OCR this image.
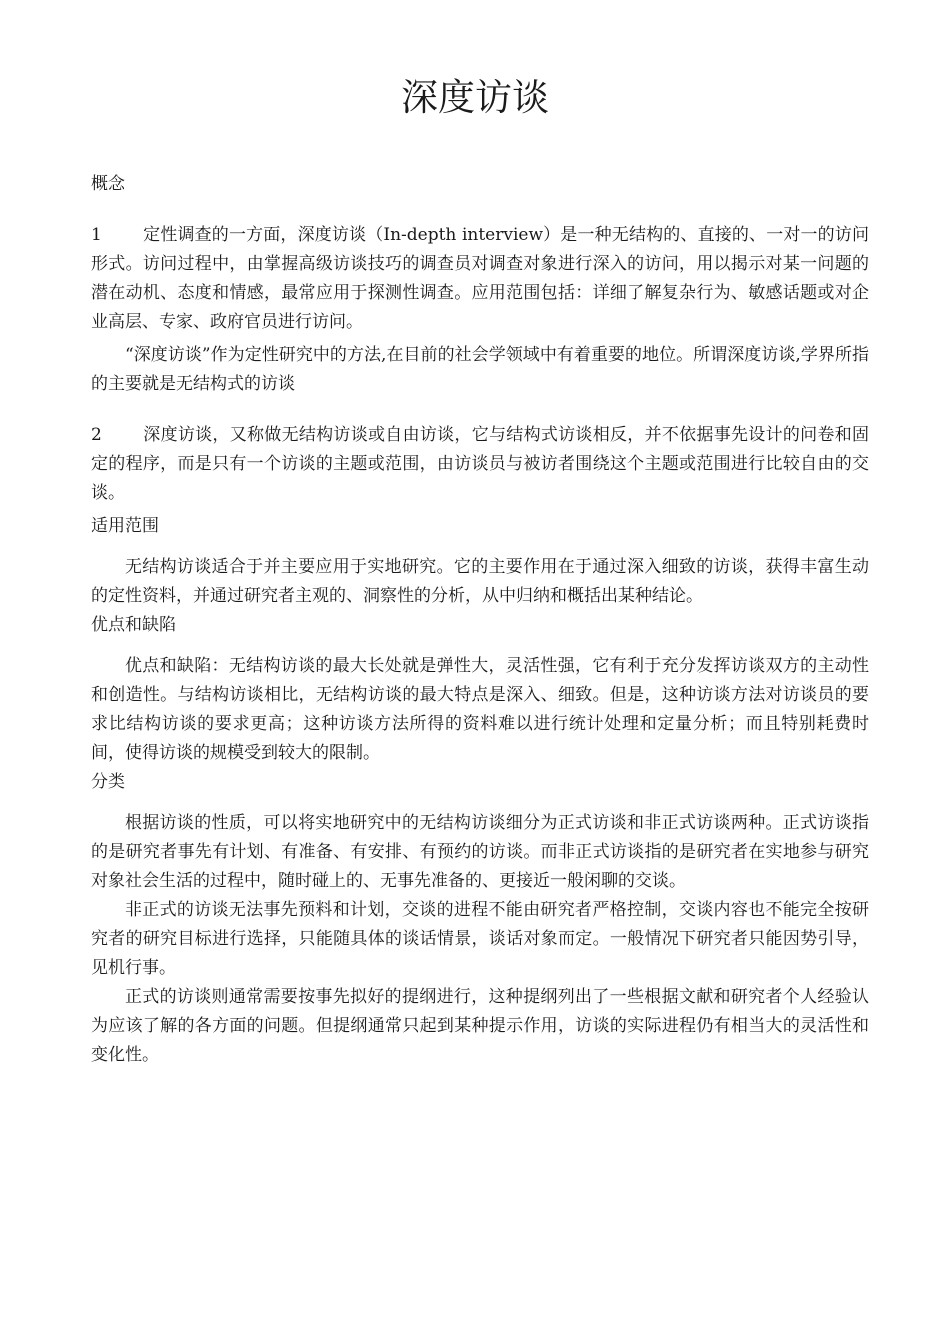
深度访谈

概念

1 定性调查的一方面，深度访谈（In-depth interview）是一种无结构的、直接的、一对一的访问形式。访问过程中，由掌握高级访谈技巧的调查员对调查对象进行深入的访问，用以揭示对某一问题的潜在动机、态度和情感，最常应用于探测性调查。应用范围包括：详细了解复杂行为、敏感话题或对企业高层、专家、政府官员进行访问。

“深度访谈”作为定性研究中的方法,在目前的社会学领域中有着重要的地位。所谓深度访谈,学界所指的主要就是无结构式的访谈

2 深度访谈，又称做无结构访谈或自由访谈，它与结构式访谈相反，并不依据事先设计的问卷和固定的程序，而是只有一个访谈的主题或范围，由访谈员与被访者围绕这个主题或范围进行比较自由的交谈。

适用范围

无结构访谈适合于并主要应用于实地研究。它的主要作用在于通过深入细致的访谈，获得丰富生动的定性资料，并通过研究者主观的、洞察性的分析，从中归纳和概括出某种结论。

优点和缺陷

优点和缺陷：无结构访谈的最大长处就是弹性大，灵活性强，它有利于充分发挥访谈双方的主动性和创造性。与结构访谈相比，无结构访谈的最大特点是深入、细致。但是，这种访谈方法对访谈员的要求比结构访谈的要求更高；这种访谈方法所得的资料难以进行统计处理和定量分析；而且特别耗费时间，使得访谈的规模受到较大的限制。

分类

根据访谈的性质，可以将实地研究中的无结构访谈细分为正式访谈和非正式访谈两种。正式访谈指的是研究者事先有计划、有准备、有安排、有预约的访谈。而非正式访谈指的是研究者在实地参与研究对象社会生活的过程中，随时碰上的、无事先准备的、更接近一般闲聊的交谈。

非正式的访谈无法事先预料和计划，交谈的进程不能由研究者严格控制，交谈内容也不能完全按研究者的研究目标进行选择，只能随具体的谈话情景，谈话对象而定。一般情况下研究者只能因势引导，见机行事。

正式的访谈则通常需要按事先拟好的提纲进行，这种提纲列出了一些根据文献和研究者个人经验认为应该了解的各方面的问题。但提纲通常只起到某种提示作用，访谈的实际进程仍有相当大的灵活性和变化性。
